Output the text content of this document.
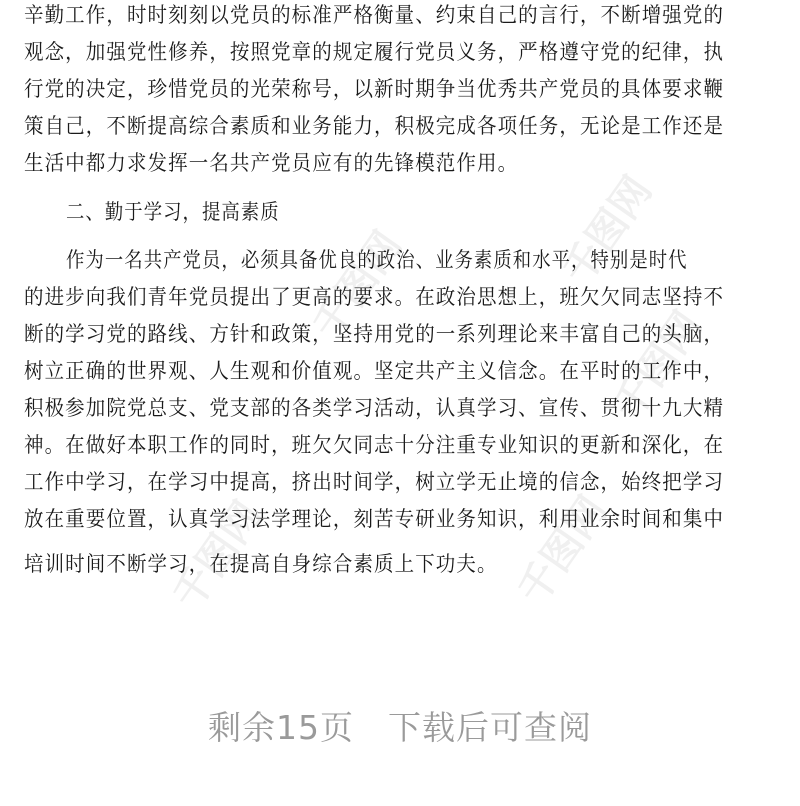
千图网
千图网
千图网
千图网
千图网
辛勤工作，时时刻刻以党员的标准严格衡量、约束自己的言行，不断增强党的
观念，加强党性修养，按照党章的规定履行党员义务，严格遵守党的纪律，执
行党的决定，珍惜党员的光荣称号，以新时期争当优秀共产党员的具体要求鞭
策自己，不断提高综合素质和业务能力，积极完成各项任务，无论是工作还是
生活中都力求发挥一名共产党员应有的先锋模范作用。
二、勤于学习，提高素质
作为一名共产党员，必须具备优良的政治、业务素质和水平，特别是时代
的进步向我们青年党员提出了更高的要求。在政治思想上，班欠欠同志坚持不
断的学习党的路线、方针和政策，坚持用党的一系列理论来丰富自己的头脑，
树立正确的世界观、人生观和价值观。坚定共产主义信念。在平时的工作中，
积极参加院党总支、党支部的各类学习活动，认真学习、宣传、贯彻十九大精
神。在做好本职工作的同时，班欠欠同志十分注重专业知识的更新和深化，在
工作中学习，在学习中提高，挤出时间学，树立学无止境的信念，始终把学习
放在重要位置，认真学习法学理论，刻苦专研业务知识，利用业余时间和集中
培训时间不断学习，在提高自身综合素质上下功夫。
剩余15页　下载后可查阅
